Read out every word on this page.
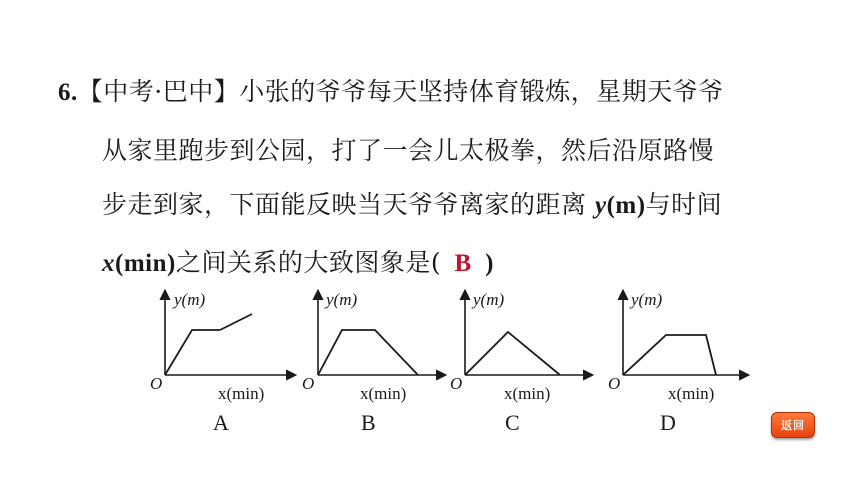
6.【中考·巴中】小张的爷爷每天坚持体育锻炼，星期天爷爷
从家里跑步到公园，打了一会儿太极拳，然后沿原路慢
步走到家，下面能反映当天爷爷离家的距离 y(m)与时间
x(min)之间关系的大致图象是( B )
y(m)
O
x(min)
y(m)
O
x(min)
y(m)
O
x(min)
y(m)
O
x(min)
A	B	C	D	返回
